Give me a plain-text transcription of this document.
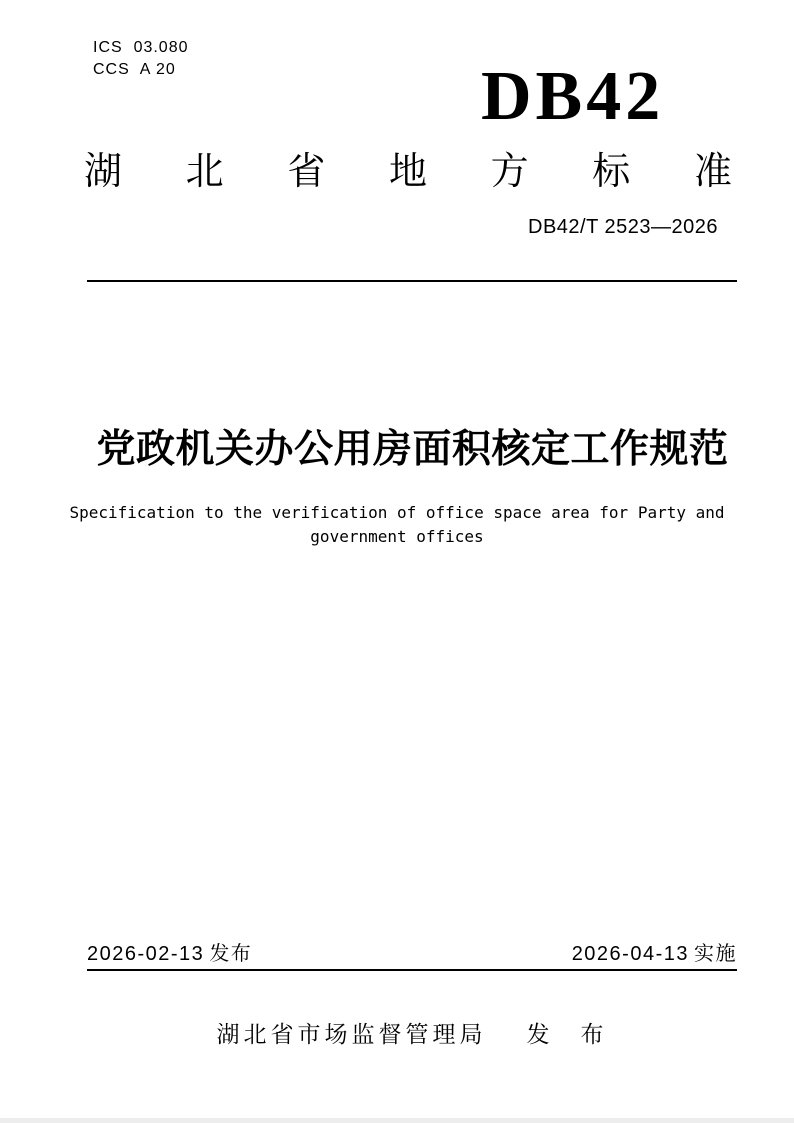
ICS  03.080
CCS  A 20	DB42
湖 北 省 地 方 标 准
DB42/T 2523—2026
党政机关办公用房面积核定工作规范
Specification to the verification of office space area for Party and
government offices
2026-02-13 发布	2026-04-13 实施
湖北省市场监督管理局 发　布
